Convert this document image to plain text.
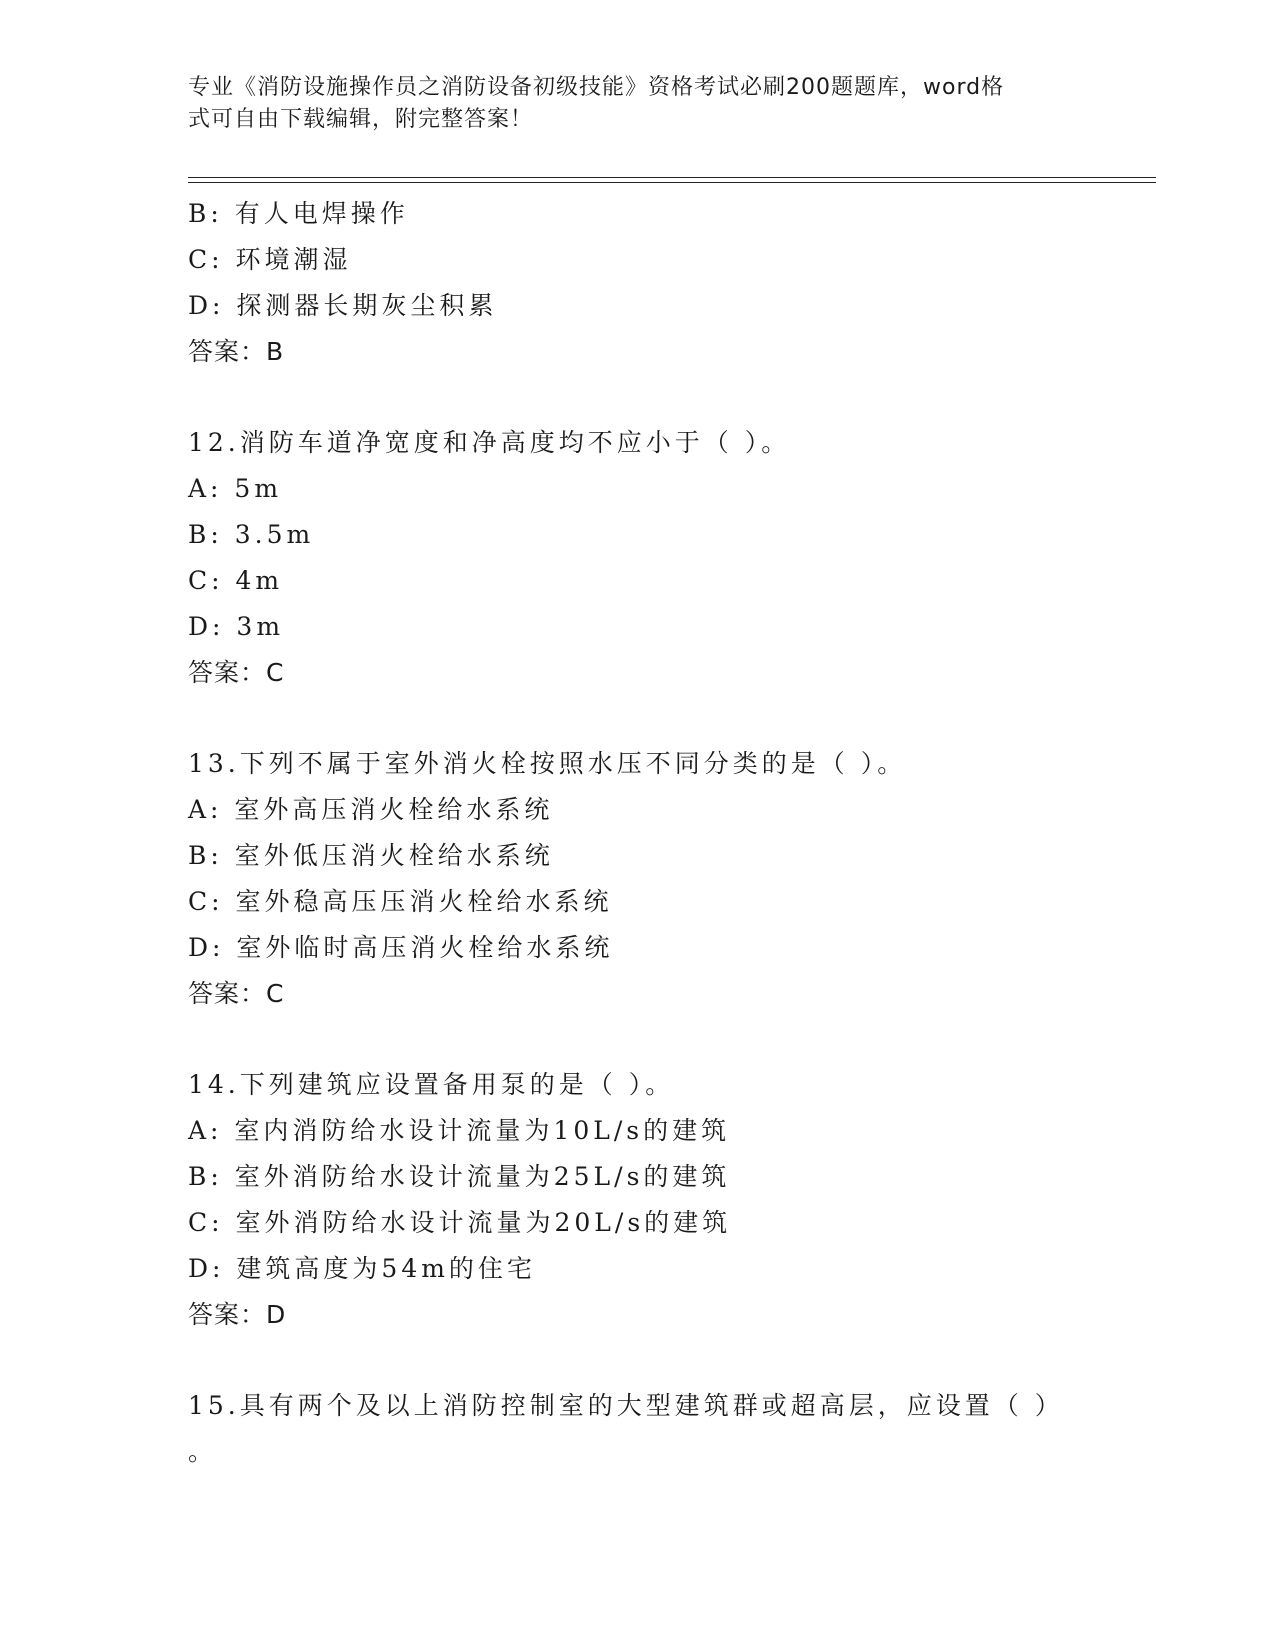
专业《消防设施操作员之消防设备初级技能》资格考试必刷200题题库，word格
式可自由下载编辑，附完整答案！
B: 有人电焊操作
C: 环境潮湿
D: 探测器长期灰尘积累
答案：B
12.消防车道净宽度和净高度均不应小于（ ）。
A: 5m
B: 3.5m
C: 4m
D: 3m
答案：C
13.下列不属于室外消火栓按照水压不同分类的是（ ）。
A: 室外高压消火栓给水系统
B: 室外低压消火栓给水系统
C: 室外稳高压压消火栓给水系统
D: 室外临时高压消火栓给水系统
答案：C
14.下列建筑应设置备用泵的是（ ）。
A: 室内消防给水设计流量为10L/s的建筑
B: 室外消防给水设计流量为25L/s的建筑
C: 室外消防给水设计流量为20L/s的建筑
D: 建筑高度为54m的住宅
答案：D
15.具有两个及以上消防控制室的大型建筑群或超高层，应设置（ ）
。
